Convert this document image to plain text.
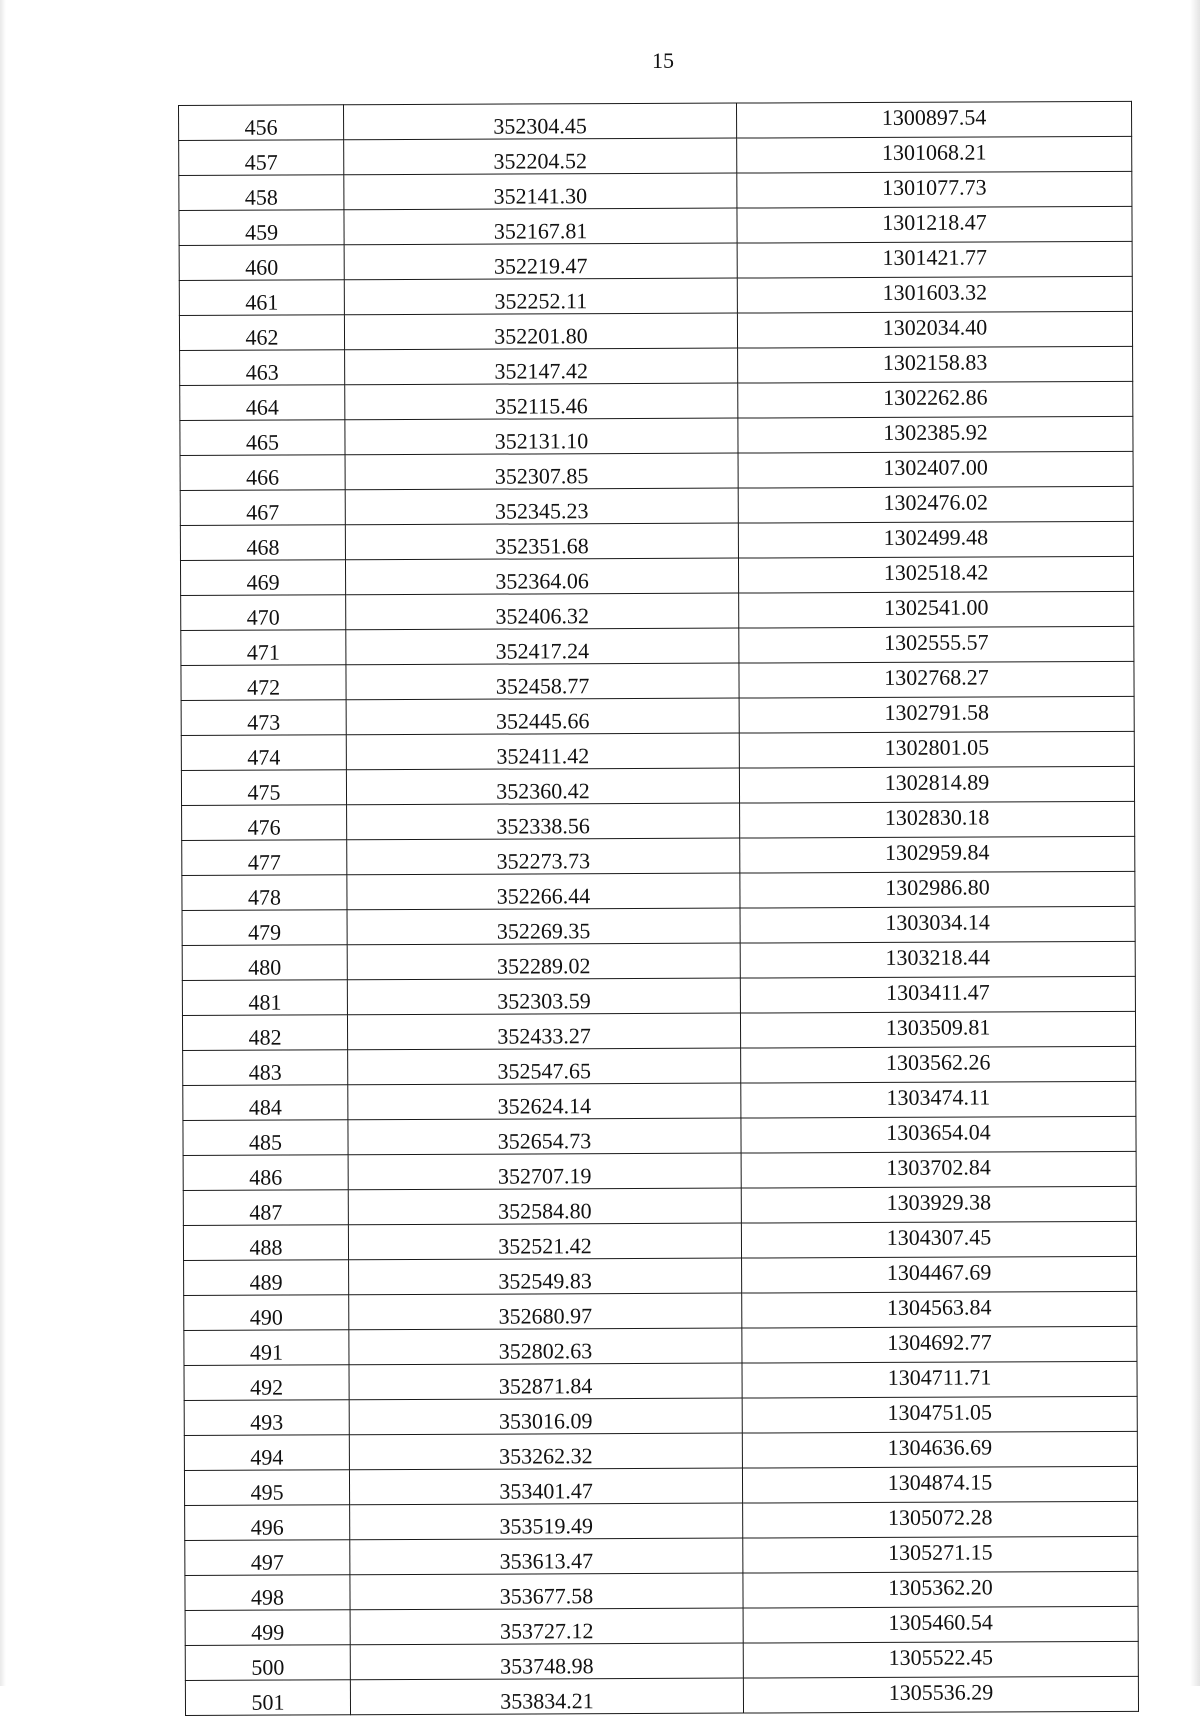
15
456	352304.45	1300897.54
457	352204.52	1301068.21
458	352141.30	1301077.73
459	352167.81	1301218.47
460	352219.47	1301421.77
461	352252.11	1301603.32
462	352201.80	1302034.40
463	352147.42	1302158.83
464	352115.46	1302262.86
465	352131.10	1302385.92
466	352307.85	1302407.00
467	352345.23	1302476.02
468	352351.68	1302499.48
469	352364.06	1302518.42
470	352406.32	1302541.00
471	352417.24	1302555.57
472	352458.77	1302768.27
473	352445.66	1302791.58
474	352411.42	1302801.05
475	352360.42	1302814.89
476	352338.56	1302830.18
477	352273.73	1302959.84
478	352266.44	1302986.80
479	352269.35	1303034.14
480	352289.02	1303218.44
481	352303.59	1303411.47
482	352433.27	1303509.81
483	352547.65	1303562.26
484	352624.14	1303474.11
485	352654.73	1303654.04
486	352707.19	1303702.84
487	352584.80	1303929.38
488	352521.42	1304307.45
489	352549.83	1304467.69
490	352680.97	1304563.84
491	352802.63	1304692.77
492	352871.84	1304711.71
493	353016.09	1304751.05
494	353262.32	1304636.69
495	353401.47	1304874.15
496	353519.49	1305072.28
497	353613.47	1305271.15
498	353677.58	1305362.20
499	353727.12	1305460.54
500	353748.98	1305522.45
501	353834.21	1305536.29
